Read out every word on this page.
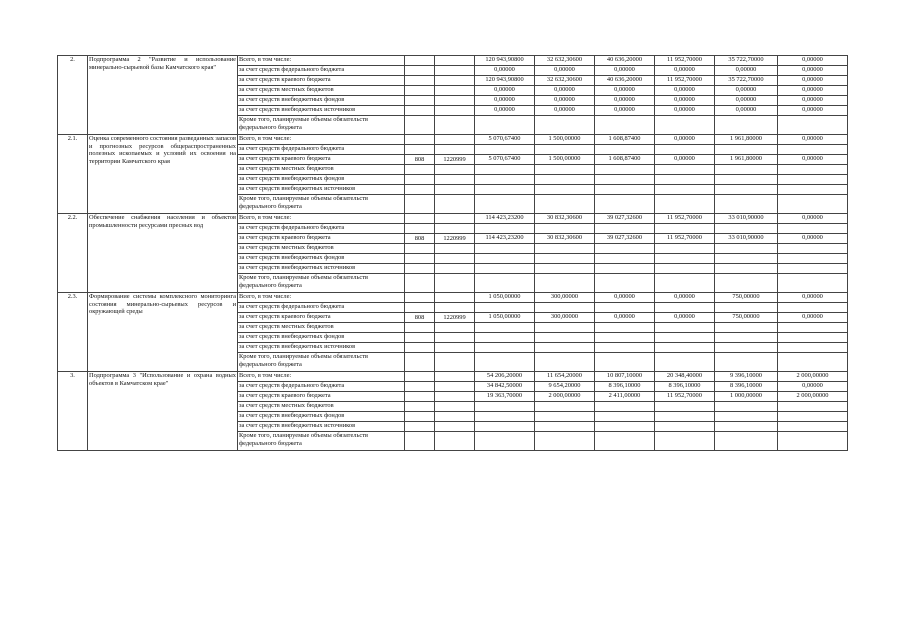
2.	Подпрограмма 2 "Развитие и использование минерально-сырьевой базы Камчатского края"	Всего, в том числе:			120 943,90800	32 632,30600	40 636,20000	11 952,70000	35 722,70000	0,00000
		за счет средств федерального бюджета			0,00000	0,00000	0,00000	0,00000	0,00000	0,00000
		за счет средств краевого бюджета			120 943,90800	32 632,30600	40 636,20000	11 952,70000	35 722,70000	0,00000
		за счет средств местных бюджетов			0,00000	0,00000	0,00000	0,00000	0,00000	0,00000
		за счет средств внебюджетных фондов			0,00000	0,00000	0,00000	0,00000	0,00000	0,00000
		за счет средств внебюджетных источников			0,00000	0,00000	0,00000	0,00000	0,00000	0,00000
		Кроме того, планируемые объемы обязательств федерального бюджета								
2.1.	Оценка современного состояния разведанных запасов и прогнозных ресурсов общераспространенных полезных ископаемых и условий их освоения на территории Камчатского края	Всего, в том числе:			5 070,67400	1 500,00000	1 608,87400	0,00000	1 961,80000	0,00000
		за счет средств федерального бюджета								
		за счет средств краевого бюджета	808	1220999	5 070,67400	1 500,00000	1 608,87400	0,00000	1 961,80000	0,00000
		за счет средств местных бюджетов								
		за счет средств внебюджетных фондов								
		за счет средств внебюджетных источников								
		Кроме того, планируемые объемы обязательств федерального бюджета								
2.2.	Обеспечение снабжения населения и объектов промышленности ресурсами пресных вод	Всего, в том числе:			114 423,23200	30 832,30600	39 027,32600	11 952,70000	33 010,90000	0,00000
		за счет средств федерального бюджета								
		за счет средств краевого бюджета	808	1220999	114 423,23200	30 832,30600	39 027,32600	11 952,70000	33 010,90000	0,00000
		за счет средств местных бюджетов								
		за счет средств внебюджетных фондов								
		за счет средств внебюджетных источников								
		Кроме того, планируемые объемы обязательств федерального бюджета								
2.3.	Формирование системы комплексного мониторинга состояния минерально-сырьевых ресурсов и окружающей среды	Всего, в том числе:			1 050,00000	300,00000	0,00000	0,00000	750,00000	0,00000
		за счет средств федерального бюджета								
		за счет средств краевого бюджета	808	1220999	1 050,00000	300,00000	0,00000	0,00000	750,00000	0,00000
		за счет средств местных бюджетов								
		за счет средств внебюджетных фондов								
		за счет средств внебюджетных источников								
		Кроме того, планируемые объемы обязательств федерального бюджета								
3.	Подпрограмма 3 "Использование и охрана водных объектов в Камчатском крае"	Всего, в том числе:			54 206,20000	11 654,20000	10 807,10000	20 348,40000	9 396,10000	2 000,00000
		за счет средств федерального бюджета			34 842,50000	9 654,20000	8 396,10000	8 396,10000	8 396,10000	0,00000
		за счет средств краевого бюджета			19 363,70000	2 000,00000	2 411,00000	11 952,70000	1 000,00000	2 000,00000
		за счет средств местных бюджетов								
		за счет средств внебюджетных фондов								
		за счет средств внебюджетных источников								
		Кроме того, планируемые объемы обязательств федерального бюджета								
